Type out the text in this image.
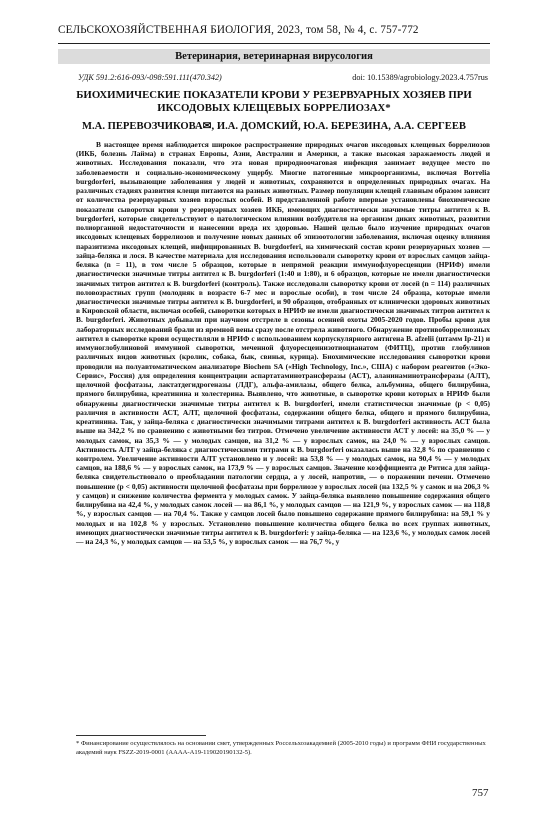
СЕЛЬСКОХОЗЯЙСТВЕННАЯ БИОЛОГИЯ, 2023, том 58, № 4, с. 757-772
Ветеринария, ветеринарная вирусология
УДК 591.2:616-093/-098:591.111(470.342)	doi: 10.15389/agrobiology.2023.4.757rus
БИОХИМИЧЕСКИЕ ПОКАЗАТЕЛИ КРОВИ У РЕЗЕРВУАРНЫХ ХОЗЯЕВ ПРИ ИКСОДОВЫХ КЛЕЩЕВЫХ БОРРЕЛИОЗАХ*
М.А. ПЕРЕВОЗЧИКОВА✉, И.А. ДОМСКИЙ, Ю.А. БЕРЕЗИНА, А.А. СЕРГЕЕВ

В настоящее время наблюдается широкое распространение природных очагов иксодовых клещевых боррелиозов (ИКБ, болезнь Лайма) в странах Европы, Азии, Австралии и Америки, а также высокая заражаемость людей и животных. Исследования показали, что эта новая природноочаговая инфекция занимает ведущее место по заболеваемости и социально-экономическому ущербу. Многие патогенные микроорганизмы, включая Borrelia burgdorferi, вызывающие заболевания у людей и животных, сохраняются в определенных природных очагах. На различных стадиях развития клещи питаются на разных животных. Размер популяции клещей главным образом зависит от количества резервуарных хозяев взрослых особей. В представленной работе впервые установлены биохимические показатели сыворотки крови у резервуарных хозяев ИКБ, имеющих диагностически значимые титры антител к B. burgdorferi, которые свидетельствуют о патологическом влиянии возбудителя на организм диких животных, развитии полиорганной недостаточности и нанесении вреда их здоровью. Нашей целью было изучение природных очагов иксодовых клещевых боррелиозов и получение новых данных об эпизоотологии заболевания, включая оценку влияния паразитизма иксодовых клещей, инфицированных B. burgdorferi, на химический состав крови резервуарных хозяев — зайца-беляка и лося. В качестве материала для исследования использовали сыворотку крови от взрослых самцов зайца-беляка (n = 11), в том числе 5 образцов, которые в непрямой реакции иммунофлуоресценции (НРИФ) имели диагностически значимые титры антител к B. burgdorferi (1:40 и 1:80), и 6 образцов, которые не имели диагностически значимых титров антител к B. burgdorferi (контроль). Также исследовали сыворотку крови от лосей (n = 114) различных половозрастных групп (молодняк в возрасте 6-7 мес и взрослые особи), в том числе 24 образца, которые имели диагностически значимые титры антител к B. burgdorferi, и 90 образцов, отобранных от клинически здоровых животных в Кировской области, включая особей, сыворотки которых в НРИФ не имели диагностически значимых титров антител к B. burgdorferi. Животных добывали при научном отстреле в сезоны осенней охоты 2005-2020 годов. Пробы крови для лабораторных исследований брали из яремной вены сразу после отстрела животного. Обнаружение противоборрелиозных антител в сыворотке крови осуществляли в НРИФ с использованием корпускулярного антигена B. afzelii (штамм Ip-21) и иммуноглобулиновой иммунной сыворотки, меченной флуоресцеинизотиоцианатом (ФИТЦ), против глобулинов различных видов животных (кролик, собака, бык, свинья, курица). Биохимические исследования сыворотки крови проводили на полуавтоматическом анализаторе Biochem SA («High Technology, Inc.», США) с набором реагентов («Эко-Сервис», Россия) для определения концентрации аспартатаминотрансферазы (АСТ), аланинаминотрансферазы (АЛТ), щелочной фосфатазы, лактатдегидрогеназы (ЛДГ), альфа-амилазы, общего белка, альбумина, общего билирубина, прямого билирубина, креатинина и холестерина. Выявлено, что животные, в сыворотке крови которых в НРИФ были обнаружены диагностически значимые титры антител к B. burgdorferi, имели статистически значимые (р < 0,05) различия в активности АСТ, АЛТ, щелочной фосфатазы, содержании общего белка, общего и прямого билирубина, креатинина. Так, у зайца-беляка с диагностически значимыми титрами антител к B. burgdorferi активность АСТ была выше на 342,2 % по сравнению с животными без титров. Отмечено увеличение активности АСТ у лосей: на 35,0 % — у молодых самок, на 35,3 % — у молодых самцов, на 31,2 % — у взрослых самок, на 24,0 % — у взрослых самцов. Активность АЛТ у зайца-беляка с диагностическими титрами к B. burgdorferi оказалась выше на 32,8 % по сравнению с контролем. Увеличение активности АЛТ установлено и у лосей: на 53,8 % — у молодых самок, на 90,4 % — у молодых самцов, на 188,6 % — у взрослых самок, на 173,9 % — у взрослых самцов. Значение коэффициента де Ритиса для зайца-беляка свидетельствовало о преобладании патологии сердца, а у лосей, напротив, — о поражении печени. Отмечено повышение (р < 0,05) активности щелочной фосфатазы при боррелиозе у взрослых лосей (на 132,5 % у самок и на 206,3 % у самцов) и снижение количества фермента у молодых самок. У зайца-беляка выявлено повышение содержания общего билирубина на 42,4 %, у молодых самок лосей — на 86,1 %, у молодых самцов — на 121,9 %, у взрослых самок — на 118,8 %, у взрослых самцов — на 70,4 %. Также у самцов лосей было повышено содержание прямого билирубина: на 59,1 % у молодых и на 102,8 % у взрослых. Установлено повышение количества общего белка во всех группах животных, имеющих диагностически значимые титры антител к B. burgdorferi: у зайца-беляка — на 123,6 %, у молодых самок лосей — на 24,3 %, у молодых самцов — на 53,5 %, у взрослых самок — на 76,7 %, у

* Финансирование осуществлялось на основании смет, утвержденных Россельхозакадемией (2005-2010 годы) и программ ФНИ государственных академий наук FSZZ-2019-0001 (АААА-А19-119020190132-5).

757
